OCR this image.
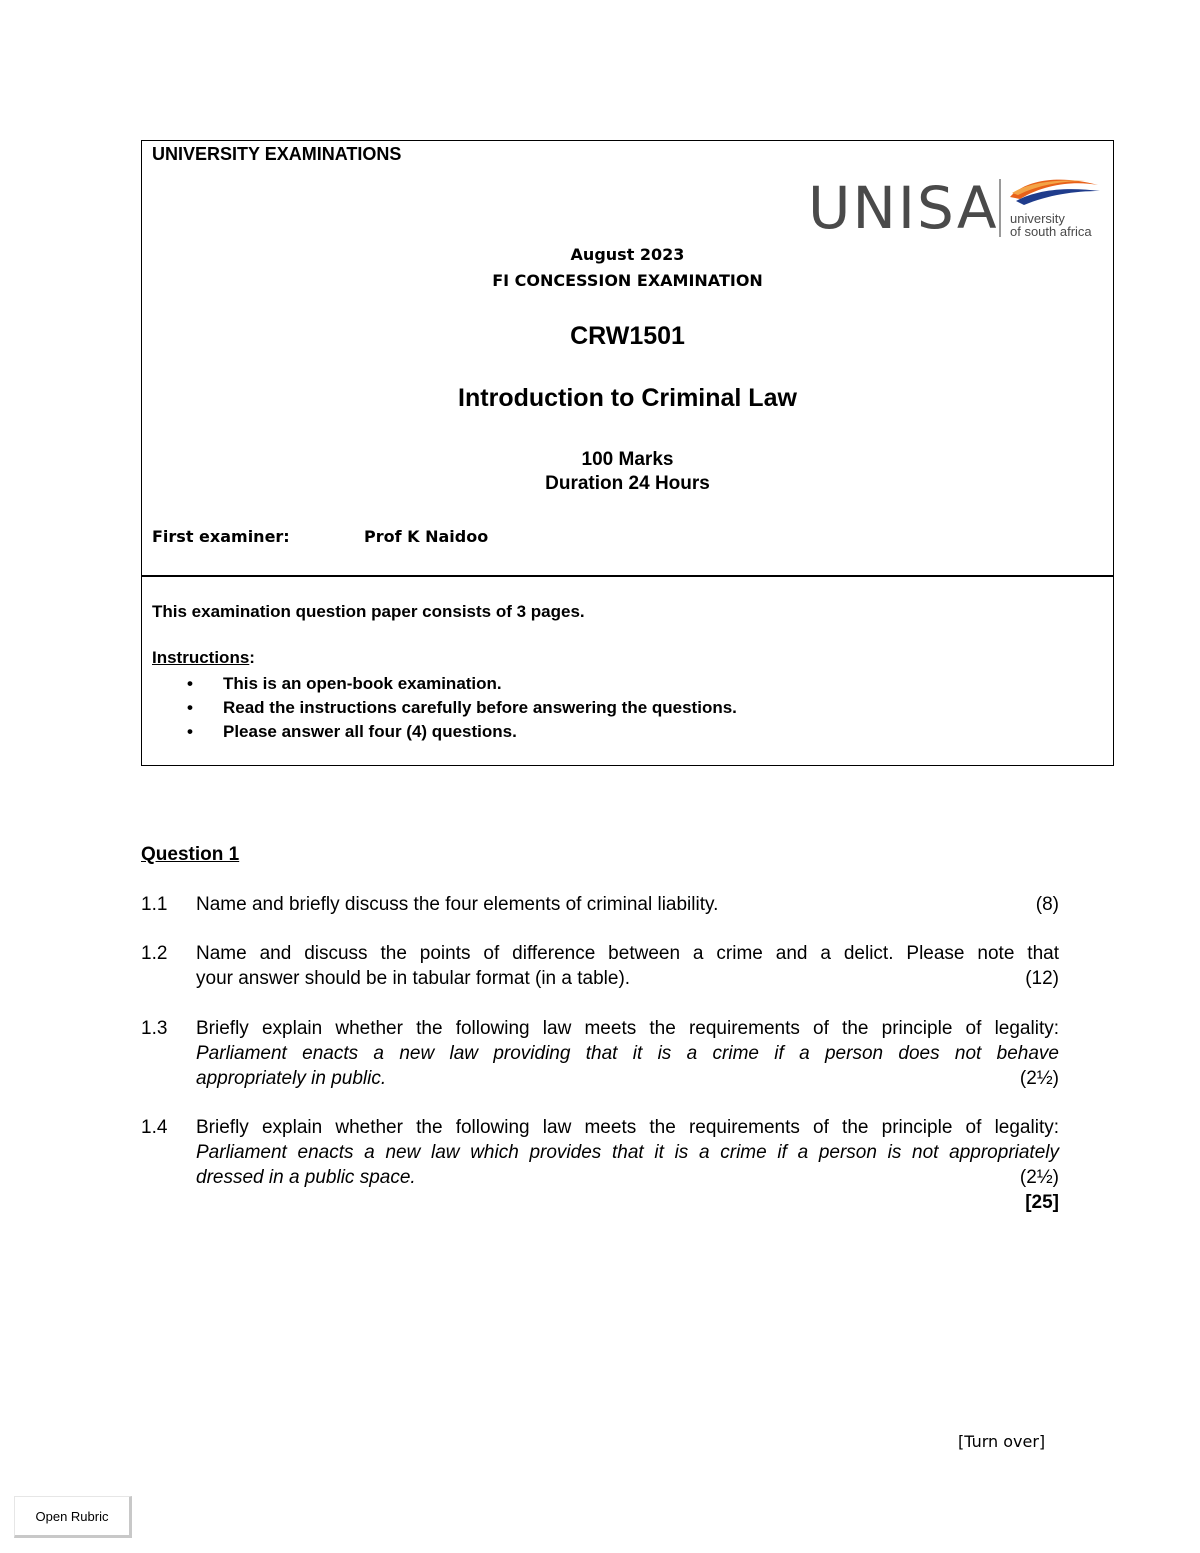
UNIVERSITY EXAMINATIONS
UNISA university
of south africa
August 2023
FI CONCESSION EXAMINATION
CRW1501
Introduction to Criminal Law
100 Marks
Duration 24 Hours
First examiner:	Prof K Naidoo
This examination question paper consists of 3 pages.
Instructions:
• This is an open-book examination.
• Read the instructions carefully before answering the questions.
• Please answer all four (4) questions.
Question 1
1.1 Name and briefly discuss the four elements of criminal liability.	(8)
1.2 Name and discuss the points of difference between a crime and a delict. Please note that
your answer should be in tabular format (in a table).	(12)
1.3 Briefly explain whether the following law meets the requirements of the principle of legality:
Parliament enacts a new law providing that it is a crime if a person does not behave
appropriately in public.	(2½)
1.4 Briefly explain whether the following law meets the requirements of the principle of legality:
Parliament enacts a new law which provides that it is a crime if a person is not appropriately
dressed in a public space.	(2½)
[25]
[Turn over]
Open Rubric
